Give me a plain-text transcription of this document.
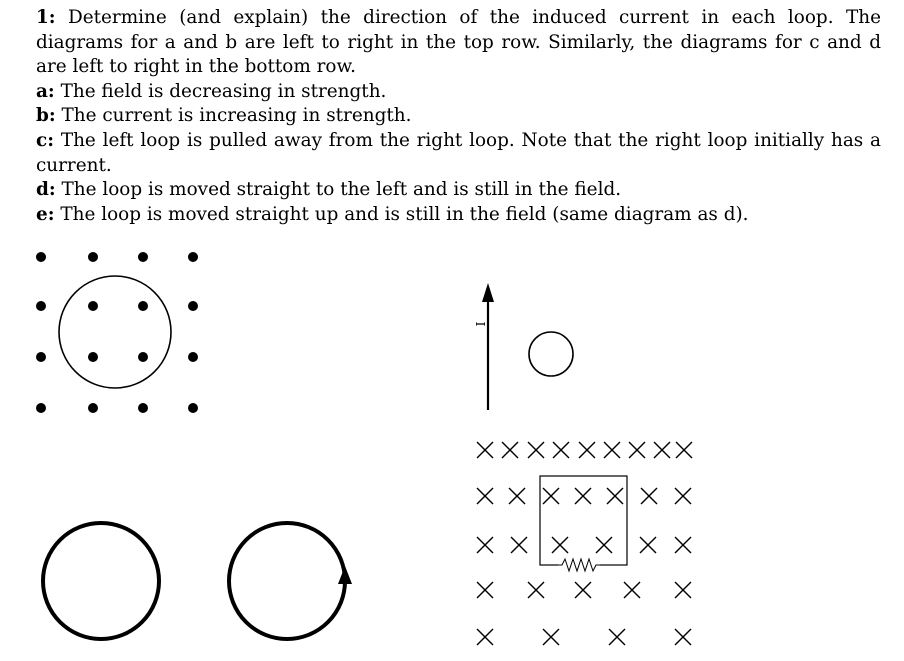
1: Determine (and explain) the direction of the induced current in each loop. The diagrams for a and b are left to right in the top row. Similarly, the diagrams for c and d are left to right in the bottom row.

a: The field is decreasing in strength.

b: The current is increasing in strength.

c: The left loop is pulled away from the right loop. Note that the right loop initially has a current.

d: The loop is moved straight to the left and is still in the field.

e: The loop is moved straight up and is still in the field (same diagram as d).

I
